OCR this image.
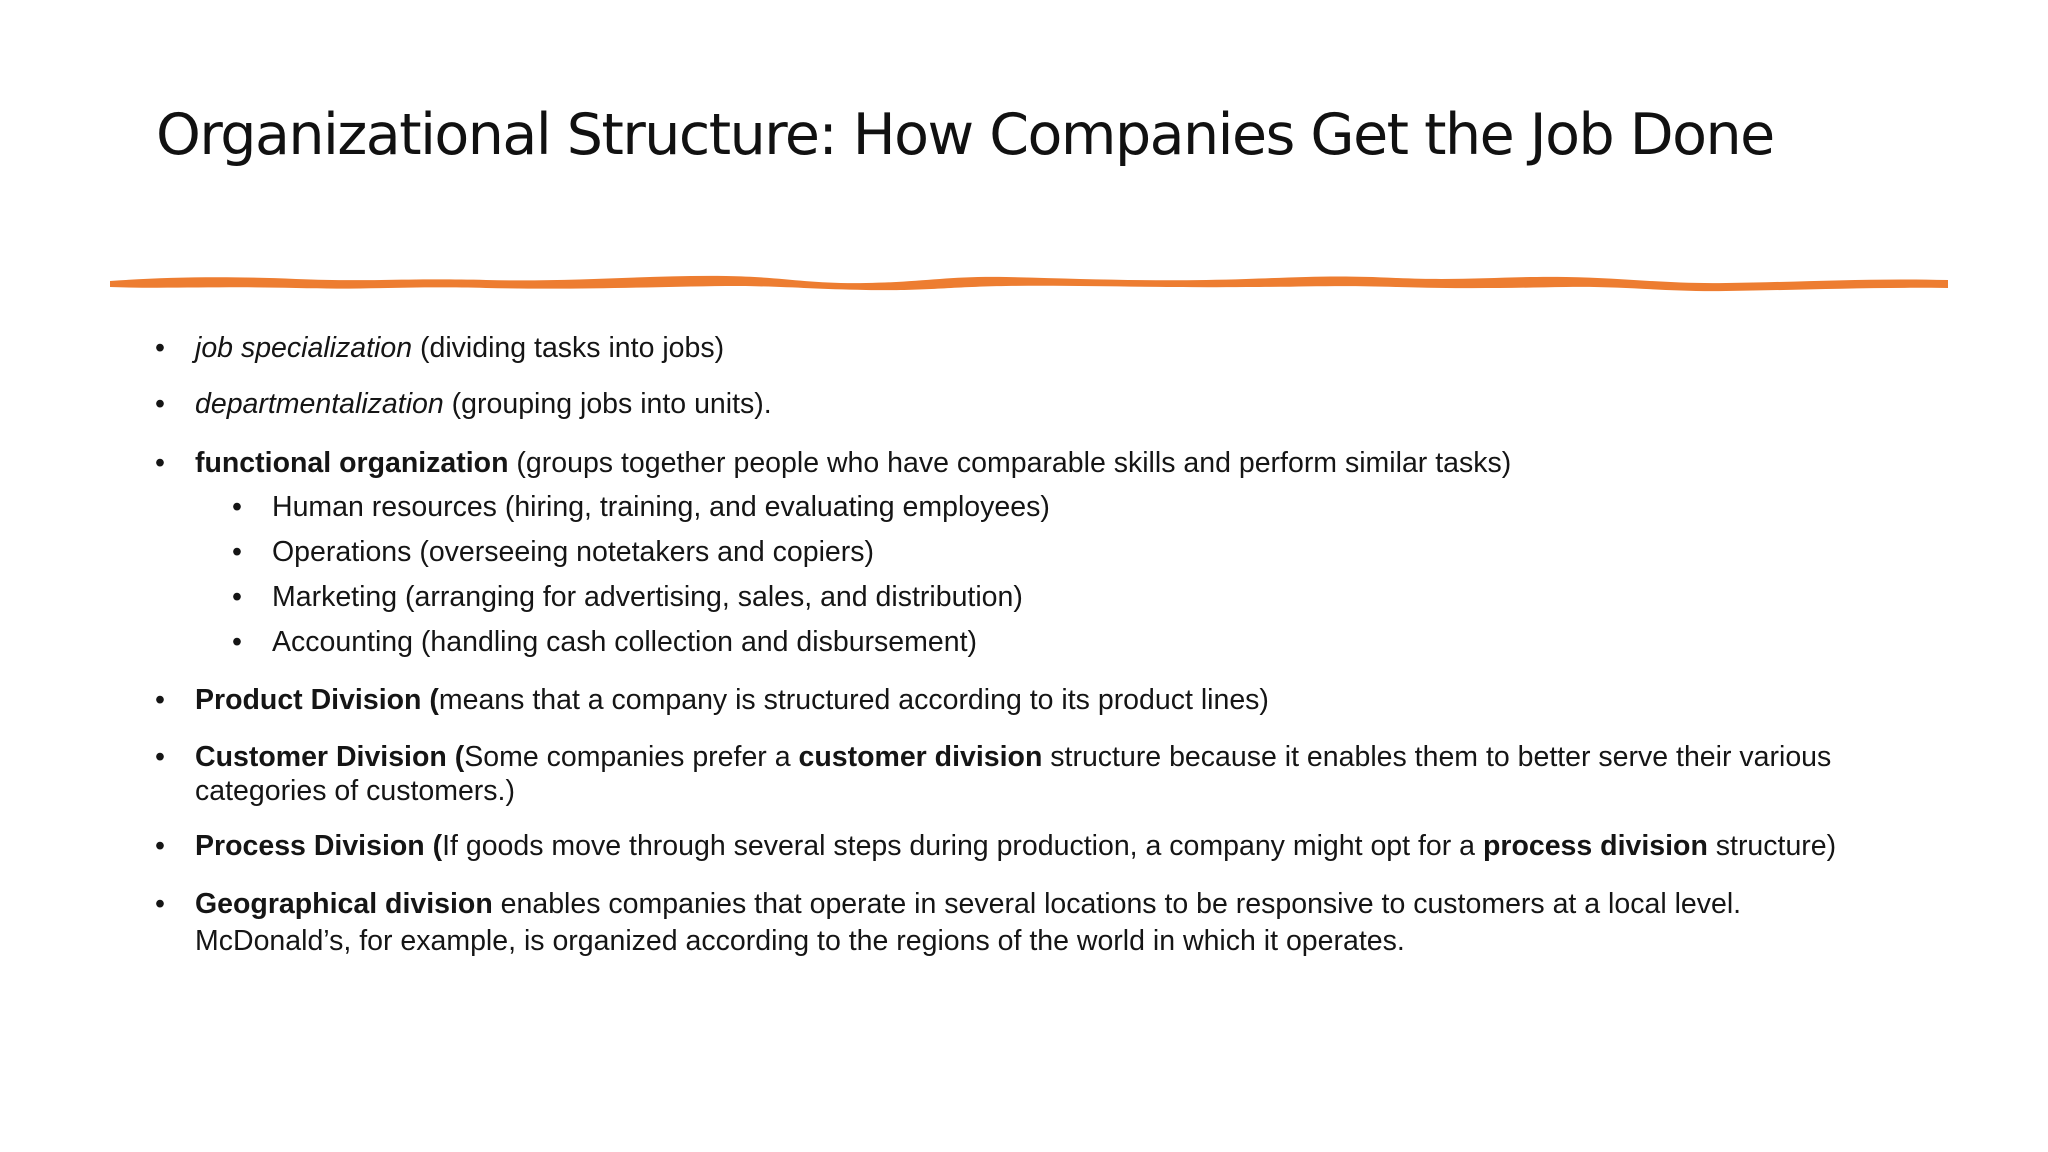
Organizational Structure: How Companies Get the Job Done
• job specialization (dividing tasks into jobs)
• departmentalization (grouping jobs into units).
• functional organization (groups together people who have comparable skills and perform similar tasks)
• Human resources (hiring, training, and evaluating employees)
• Operations (overseeing notetakers and copiers)
• Marketing (arranging for advertising, sales, and distribution)
• Accounting (handling cash collection and disbursement)
• Product Division (means that a company is structured according to its product lines)
• Customer Division (Some companies prefer a customer division structure because it enables them to better serve their various
categories of customers.)
• Process Division (If goods move through several steps during production, a company might opt for a process division structure)
• Geographical division enables companies that operate in several locations to be responsive to customers at a local level.
McDonald’s, for example, is organized according to the regions of the world in which it operates.
